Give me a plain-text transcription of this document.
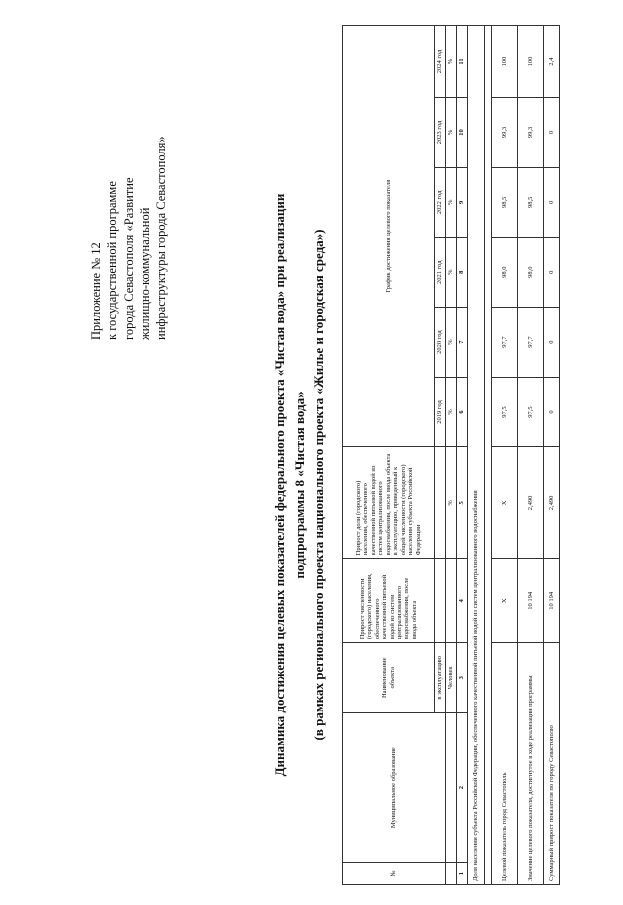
Приложение № 12 к государственной программе города Севастополя «Развитие жилищно-коммунальной инфраструктуры города Севастополя»	Динамика достижения целевых показателей федерального проекта «Чистая вода» при реализации подпрограммы 8 «Чистая вода» (в рамках регионального проекта национального проекта «Жилье и городская среда»)
№	Муниципальное образование	Наименование объекта	Прирост численности (городского) населения, обеспеченного качественной питьевой водой из систем централизованного водоснабжения, после ввода объекта	Прирост доли (городского) населения, обеспеченного качественной питьевой водой из систем централизованного водоснабжения, после ввода объекта в эксплуатацию, приведенный к общей численности (городского) населения субъекта Российской Федерации	График достижения целевого показателя					

		в эксплуатацию			2019 год	2020 год	2021 год	2022 год	2023 год	2024 год
		Человек		%	%	%	%	%	%	%
1	2	3	4	5	6	7	8	9	10	11
Доля населения субъекта Российской Федерации, обеспеченного качественной питьевой водой из систем централизованного водоснабжения										

Целевой показатель город Севастополь			Х	Х	97,5	97,7	98,0	98,5	99,3	100
Значение целевого показателя, достигнутое в ходе реализации программы			10 194	2,490	97,5	97,7	98,0	98,5	99,3	100
Суммарный прирост показателя по городу Севастополю			10 194	2,490	0	0	0	0	0	2,4
